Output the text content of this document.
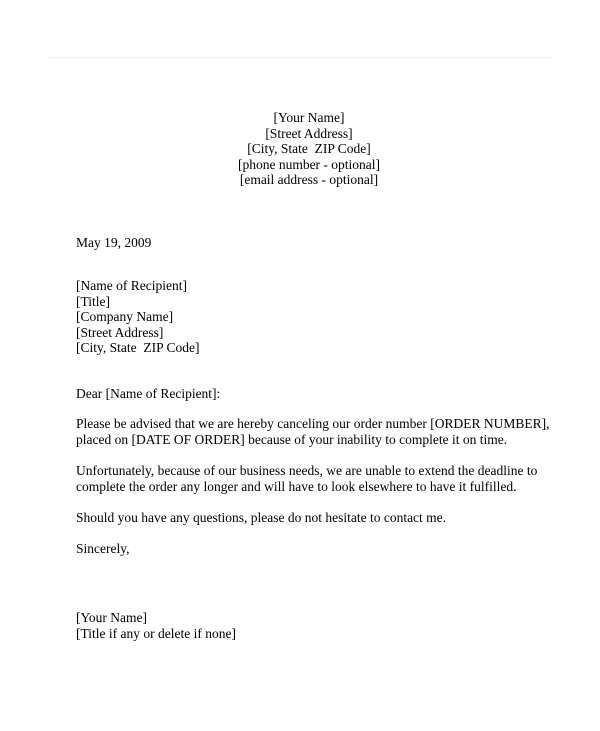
[Your Name]
[Street Address]
[City, State  ZIP Code]
[phone number - optional]
[email address - optional]
May 19, 2009
[Name of Recipient]
[Title]
[Company Name]
[Street Address]
[City, State  ZIP Code]
Dear [Name of Recipient]:
Please be advised that we are hereby canceling our order number [ORDER NUMBER],
placed on [DATE OF ORDER] because of your inability to complete it on time.
Unfortunately, because of our business needs, we are unable to extend the deadline to
complete the order any longer and will have to look elsewhere to have it fulfilled.
Should you have any questions, please do not hesitate to contact me.
Sincerely,
[Your Name]
[Title if any or delete if none]
